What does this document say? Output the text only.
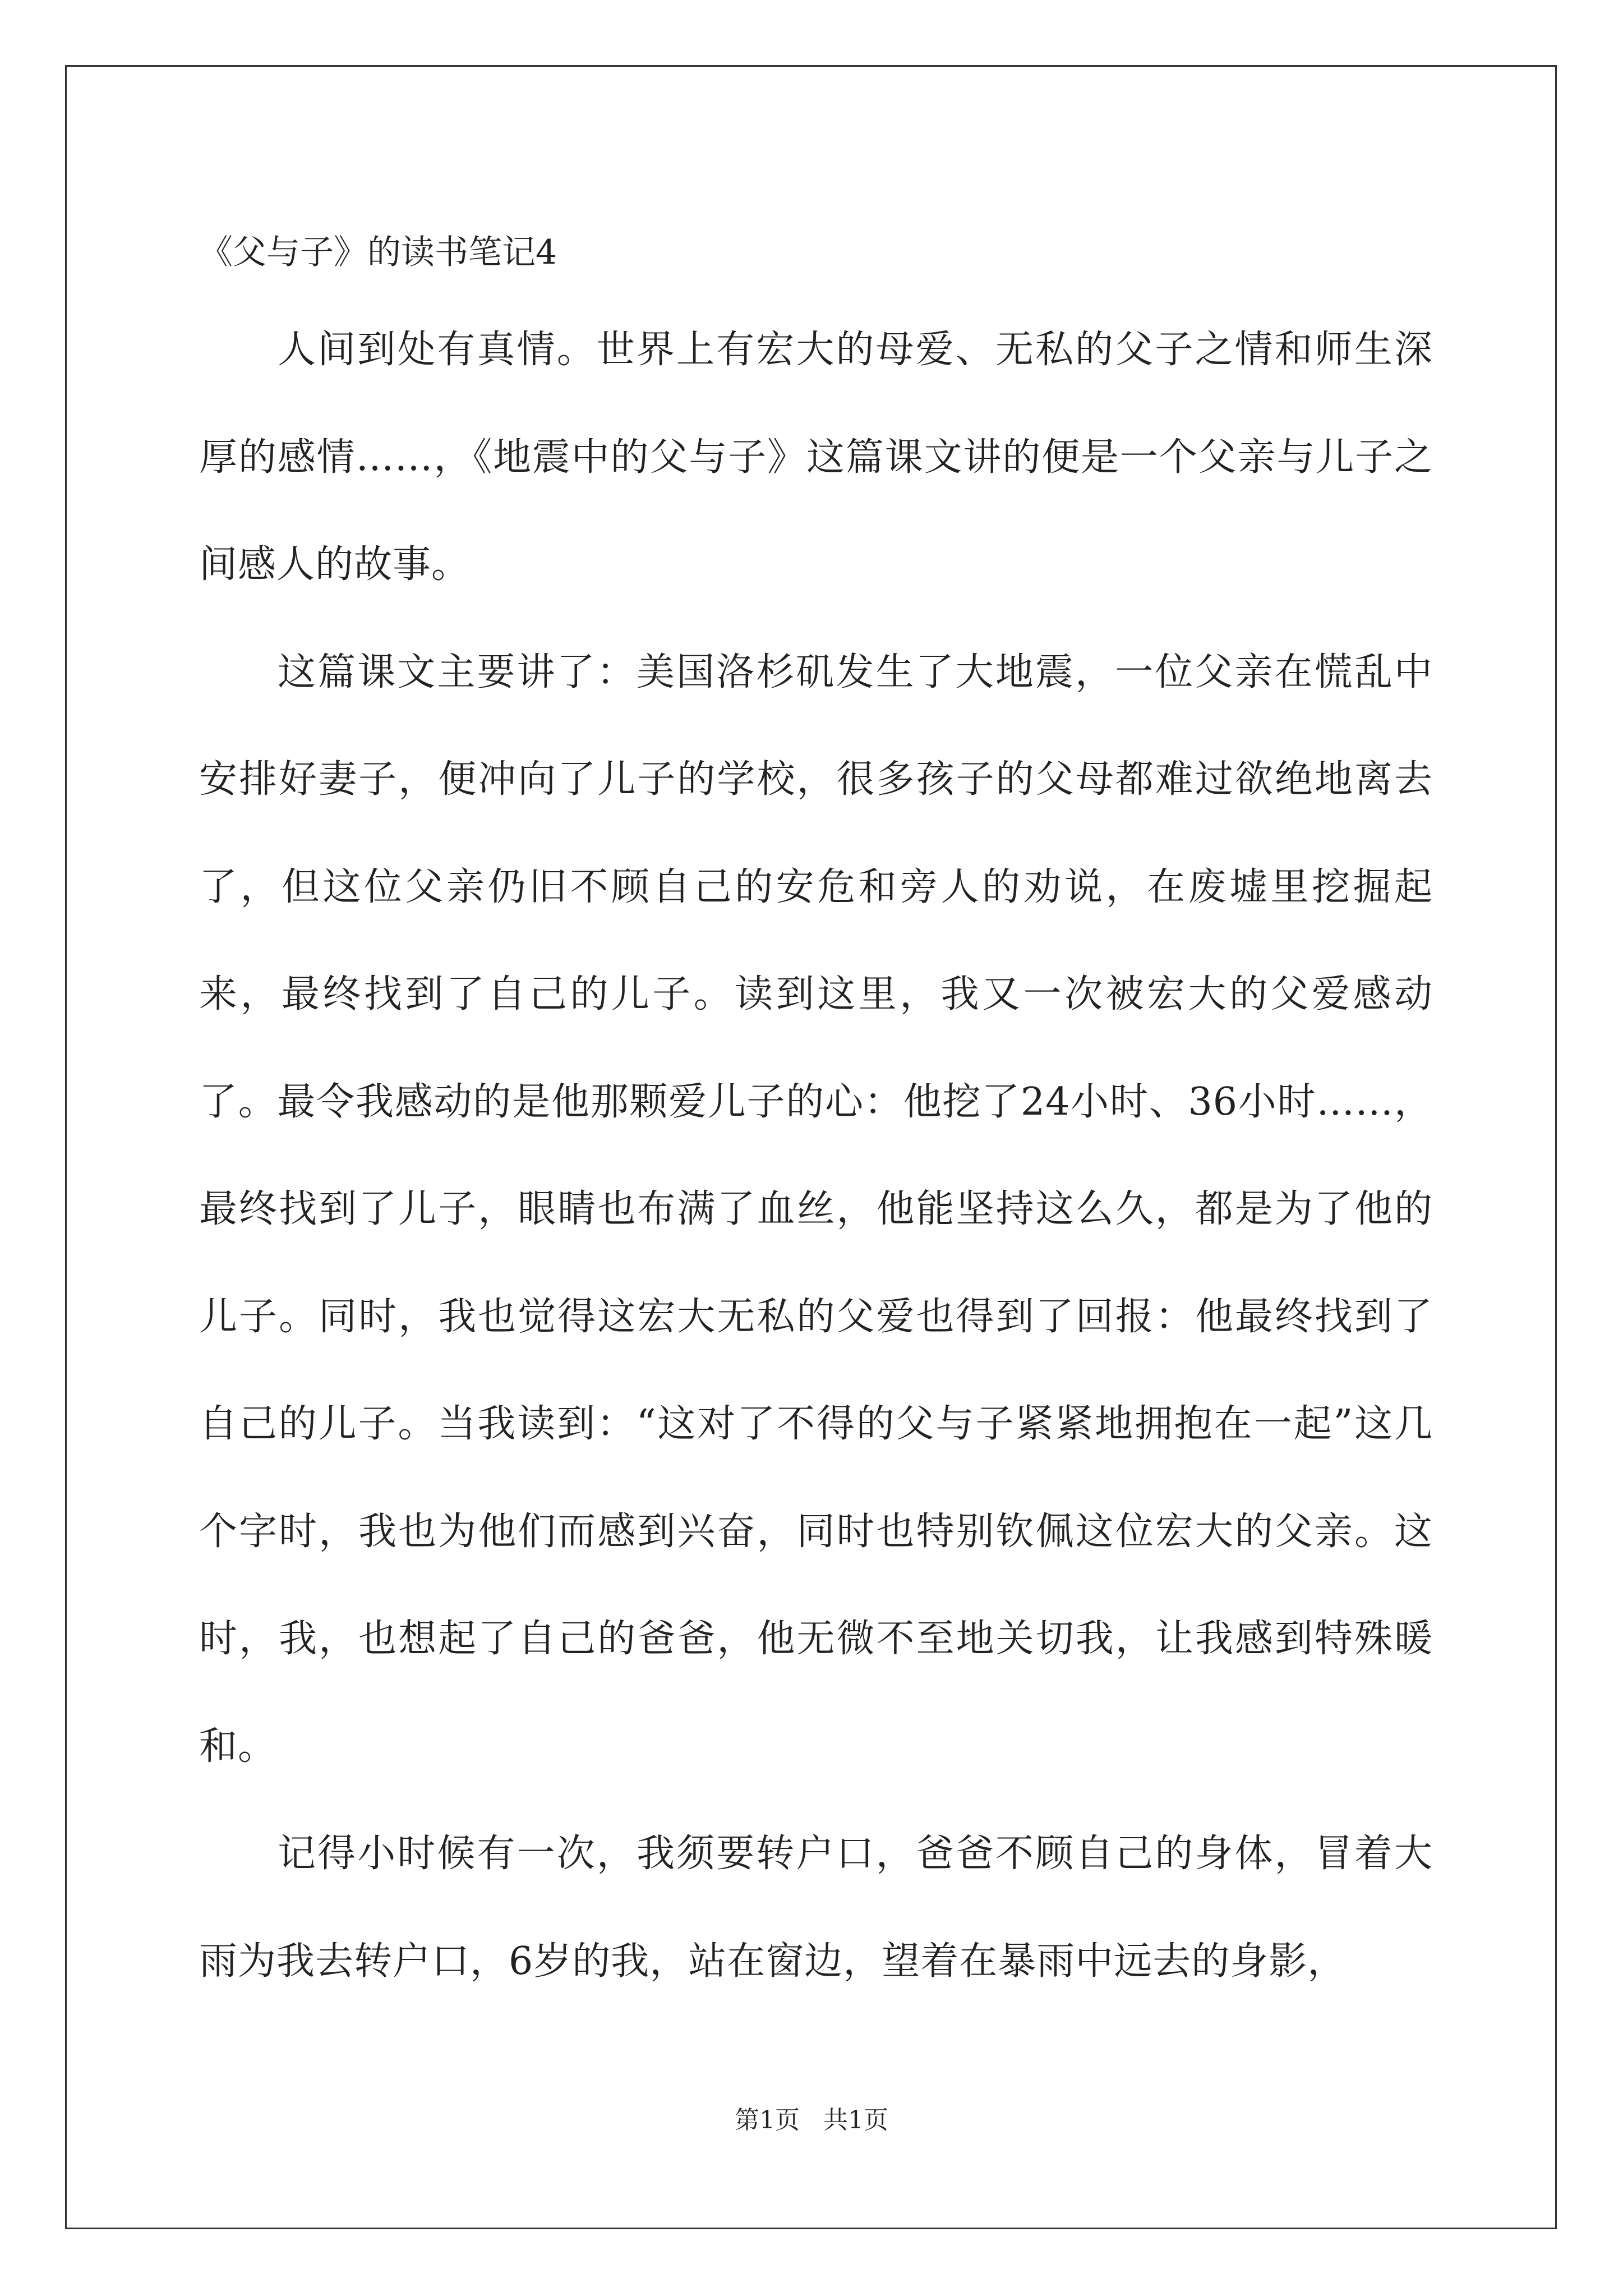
《父与子》的读书笔记4

人间到处有真情。世界上有宏大的母爱、无私的父子之情和师生深厚的感情……，《地震中的父与子》这篇课文讲的便是一个父亲与儿子之间感人的故事。

这篇课文主要讲了：美国洛杉矶发生了大地震，一位父亲在慌乱中安排好妻子，便冲向了儿子的学校，很多孩子的父母都难过欲绝地离去了，但这位父亲仍旧不顾自己的安危和旁人的劝说，在废墟里挖掘起来，最终找到了自己的儿子。读到这里，我又一次被宏大的父爱感动了。最令我感动的是他那颗爱儿子的心：他挖了24小时、36小时……，最终找到了儿子，眼睛也布满了血丝，他能坚持这么久，都是为了他的儿子。同时，我也觉得这宏大无私的父爱也得到了回报：他最终找到了自己的儿子。当我读到：“这对了不得的父与子紧紧地拥抱在一起”这几个字时，我也为他们而感到兴奋，同时也特别钦佩这位宏大的父亲。这时，我，也想起了自己的爸爸，他无微不至地关切我，让我感到特殊暖和。

记得小时候有一次，我须要转户口，爸爸不顾自己的身体，冒着大雨为我去转户口，6岁的我，站在窗边，望着在暴雨中远去的身影，

第1页   共1页
